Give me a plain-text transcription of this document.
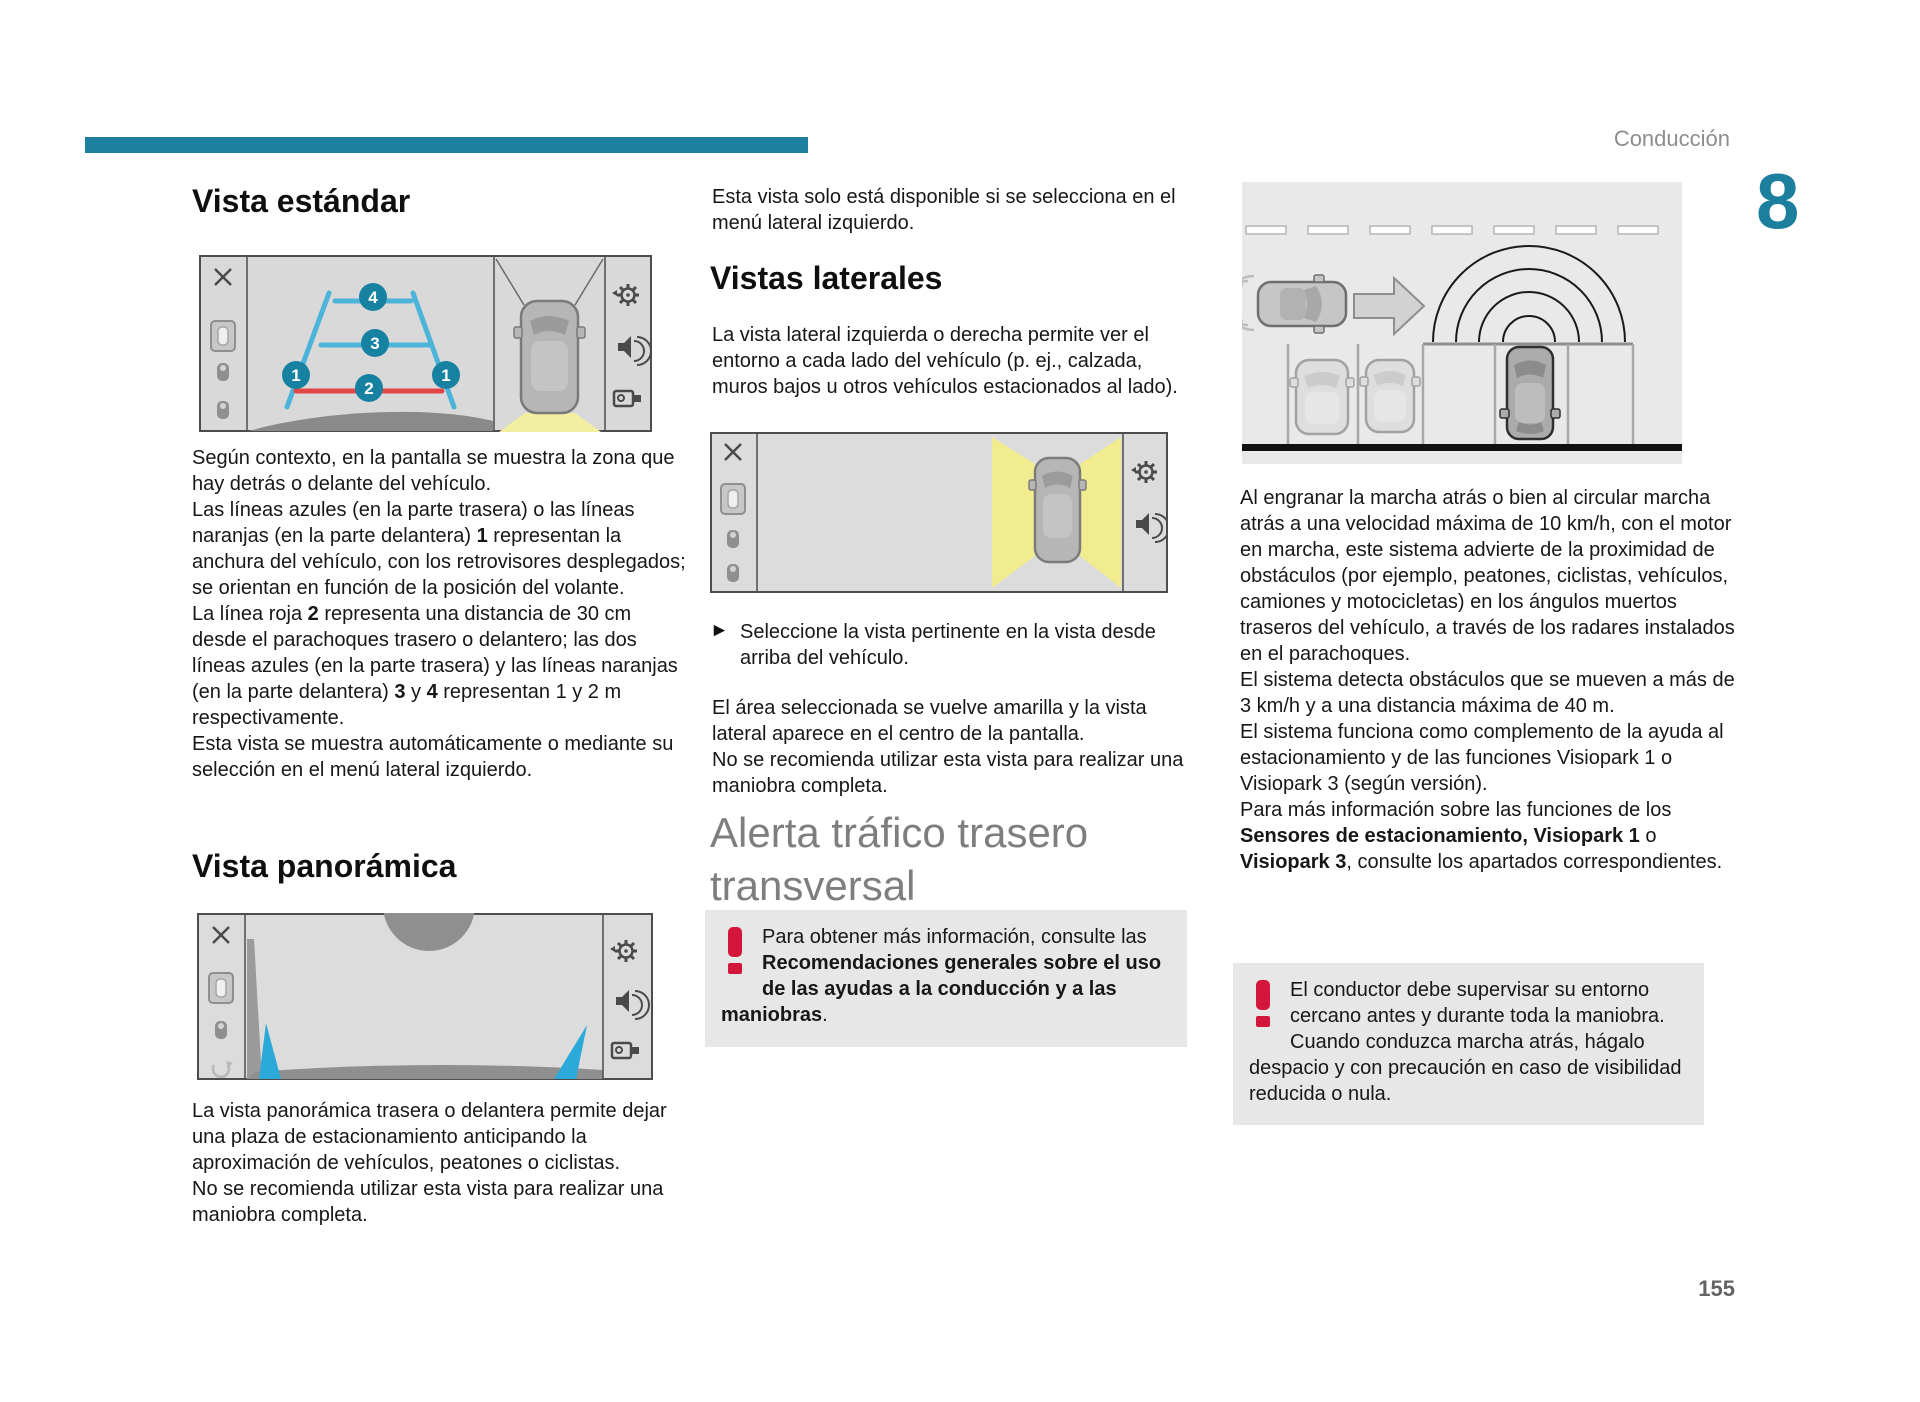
Conducción
8
Vista estándar
4
3
1	1
2

Según contexto, en la pantalla se muestra la zona que hay detrás o delante del vehículo.

Las líneas azules (en la parte trasera) o las líneas naranjas (en la parte delantera) 1 representan la anchura del vehículo, con los retrovisores desplegados; se orientan en función de la posición del volante.

La línea roja 2 representa una distancia de 30 cm desde el parachoques trasero o delantero; las dos líneas azules (en la parte trasera) y las líneas naranjas (en la parte delantera) 3 y 4 representan 1 y 2 m respectivamente.

Esta vista se muestra automáticamente o mediante su selección en el menú lateral izquierdo.

Vista panorámica

La vista panorámica trasera o delantera permite dejar una plaza de estacionamiento anticipando la aproximación de vehículos, peatones o ciclistas.

No se recomienda utilizar esta vista para realizar una maniobra completa.

Esta vista solo está disponible si se selecciona en el menú lateral izquierdo.

Vistas laterales

La vista lateral izquierda o derecha permite ver el entorno a cada lado del vehículo (p. ej., calzada, muros bajos u otros vehículos estacionados al lado).

► Seleccione la vista pertinente en la vista desde arriba del vehículo.

El área seleccionada se vuelve amarilla y la vista lateral aparece en el centro de la pantalla.

No se recomienda utilizar esta vista para realizar una maniobra completa.

Alerta tráfico trasero transversal
Para obtener más información, consulte las Recomendaciones generales sobre el uso de las ayudas a la conducción y a las maniobras.

Al engranar la marcha atrás o bien al circular marcha atrás a una velocidad máxima de 10 km/h, con el motor en marcha, este sistema advierte de la proximidad de obstáculos (por ejemplo, peatones, ciclistas, vehículos, camiones y motocicletas) en los ángulos muertos traseros del vehículo, a través de los radares instalados en el parachoques.

El sistema detecta obstáculos que se mueven a más de 3 km/h y a una distancia máxima de 40 m.

El sistema funciona como complemento de la ayuda al estacionamiento y de las funciones Visiopark 1 o Visiopark 3 (según versión).

Para más información sobre las funciones de los Sensores de estacionamiento, Visiopark 1 o Visiopark 3, consulte los apartados correspondientes.

El conductor debe supervisar su entorno cercano antes y durante toda la maniobra. Cuando conduzca marcha atrás, hágalo despacio y con precaución en caso de visibilidad reducida o nula.
155
